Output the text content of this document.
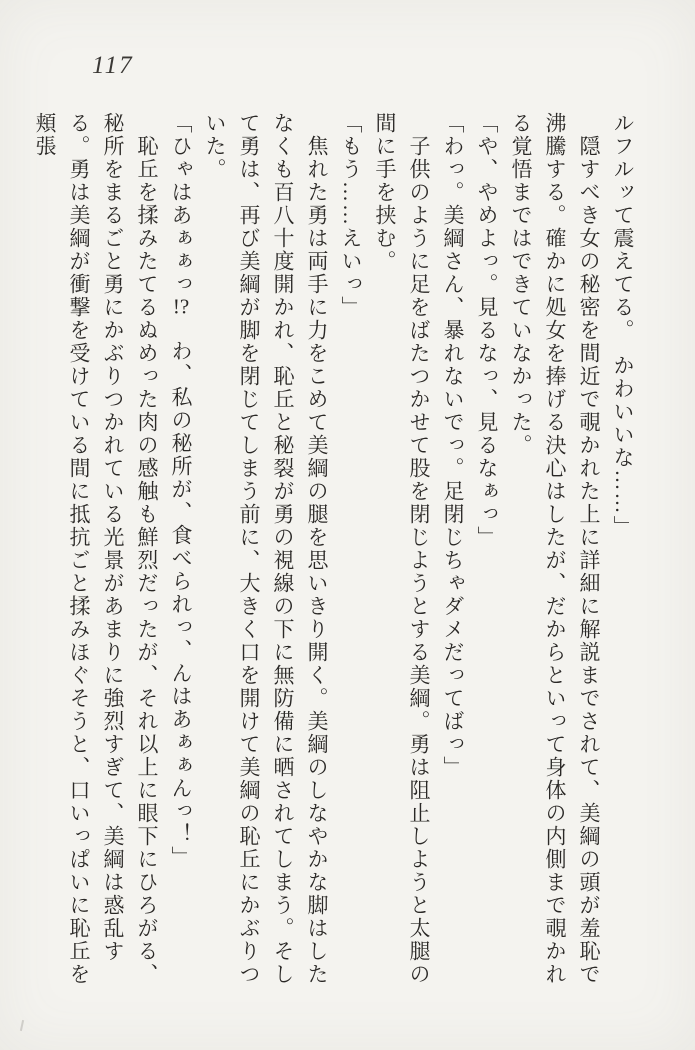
117

ルフルッて震えてる。　かわいいな……」

　隠すべき女の秘密を間近で覗かれた上に詳細に解説までされて、美綱の頭が羞恥で沸騰する。確かに処女を捧げる決心はしたが、だからといって身体の内側まで覗かれる覚悟まではできていなかった。

「や、やめよっ。見るなっ、見るなぁっ」

「わっ。美綱さん、暴れないでっ。足閉じちゃダメだってばっ」

　子供のように足をばたつかせて股を閉じようとする美綱。勇は阻止しようと太腿の間に手を挟む。

「もう……えいっ」

　焦れた勇は両手に力をこめて美綱の腿を思いきり開く。美綱のしなやかな脚はしたなくも百八十度開かれ、恥丘と秘裂が勇の視線の下に無防備に晒されてしまう。そして勇は、再び美綱が脚を閉じてしまう前に、大きく口を開けて美綱の恥丘にかぶりついた。

「ひゃはあぁぁっ!?　わ、私の秘所が、食べられっ、んはあぁぁんっ！」

　恥丘を揉みたてるぬめった肉の感触も鮮烈だったが、それ以上に眼下にひろがる、秘所をまるごと勇にかぶりつかれている光景があまりに強烈すぎて、美綱は惑乱する。勇は美綱が衝撃を受けている間に抵抗ごと揉みほぐそうと、口いっぱいに恥丘を頬張
